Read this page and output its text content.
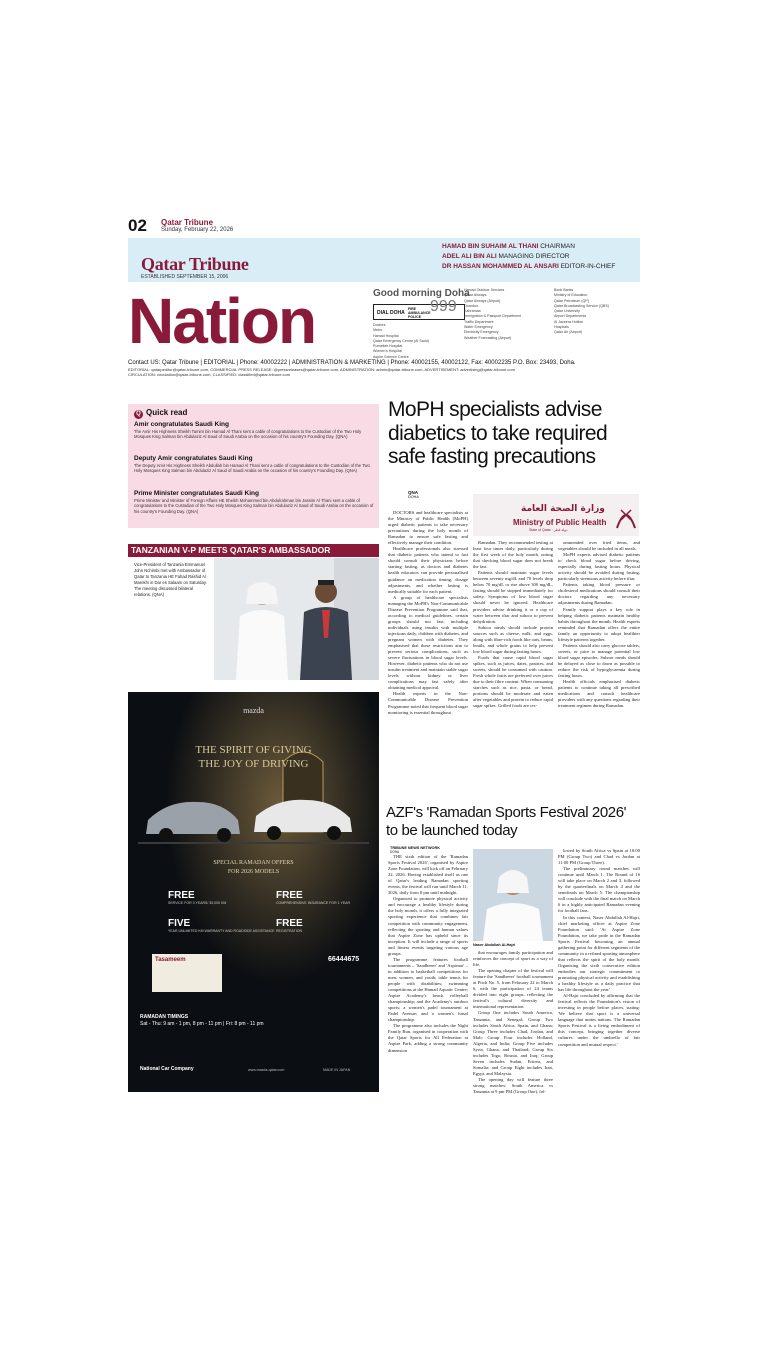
02 Qatar Tribune
Sunday, February 22, 2026
Qatar Tribune
ESTABLISHED SEPTEMBER 15, 2006
HAMAD BIN SUHAIM AL THANI CHAIRMAN
ADEL ALI BIN ALI MANAGING DIRECTOR
DR HASSAN MOHAMMED AL ANSARI EDITOR-IN-CHIEF
Nation	Good morning Doha
DIAL DOHA
FIRE AMBULANCE POLICE
999
Doctors
Metro
Hamad Hospital
Qatar Emergency Centre (Al Sadd)
Rumeilah Hospital
Women's Hospital
Aspire Science Centre
Hamad Outdoor Services
Qatar Airways
Qatar Airways (Airport)
Ooredoo
Kahramaa
Immigration & Passport Department
Traffic Department
Water Emergency
Electricity Emergency
Weather Forecasting (Airport)
Book Banks
Ministry of Education
Qatar Petroleum (QP)
Qatar Broadcasting Service (QBS)
Qatar University
Airport Departments
Al Jazeera Hotline
Hospitals
Qatar Air (Airport)
Contact US: Qatar Tribune | EDITORIAL | Phone: 40002222 | ADMINISTRATION & MARKETING | Phone: 40002155, 40002122, Fax: 40002235 P.O. Box: 23493, Doha.
EDITORIAL: qatarpeditor@qatar-tribune.com, COMMERCIAL PRESS RELEASE: @pressreleases@qatar-tribune.com, ADMINISTRATION: admin@qatar-tribune.com, ADVERTISEMENT: advertising@qatar-tribune.com
CIRCULATION: circulation@qatar-tribune.com, CLASSIFIED: classified@qatar-tribune.com
Q Quick read
Amir congratulates Saudi King
The Amir His Highness Sheikh Tamim bin Hamad Al Thani sent a cable of congratulations to the Custodian of the Two Holy Mosques King Salman bin Abdulaziz Al Saud of Saudi Arabia on the occasion of his country's Founding Day. (QNA)
Deputy Amir congratulates Saudi King
The Deputy Amir His Highness Sheikh Abdullah bin Hamad Al Thani sent a cable of congratulations to the Custodian of the Two Holy Mosques King Salman bin Abdulaziz Al Saud of Saudi Arabia on the occasion of his country's Founding Day. (QNA)
Prime Minister congratulates Saudi King
Prime Minister and Minister of Foreign Affairs HE Sheikh Mohammed bin Abdulrahman bin Jassim Al Thani sent a cable of congratulations to the Custodian of the Two Holy Mosques King Salman bin Abdulaziz Al Saud of Saudi Arabia on the occasion of his country's Founding Day. (QNA)
TANZANIAN V-P MEETS QATAR'S AMBASSADOR
Vice-President of Tanzania Emmanuel John Nchimbi met with Ambassador of Qatar to Tanzania HE Fahad Rashid Al Marekhi in Dar es Salaam on Saturday. The meeting discussed bilateral relations. (QNA)
mazda
THE SPIRIT OF GIVING
THE JOY OF DRIVING
SPECIAL RAMADAN OFFERS
FOR 2026 MODELS
FREE
SERVICE FOR 3 YEARS/ 30,000 KM
FREE
COMPREHENSIVE INSURANCE FOR 1 YEAR
FIVE
YEAR UNLIMITED KM WARRANTY AND ROADSIDE ASSISTANCE
FREE
REGISTRATION
Tasameem	66444675
RAMADAN TIMINGS
Sat - Thu: 9 am - 1 pm, 8 pm - 11 pm | Fri: 8 pm - 11 pm
National Car Company	www.mazda-qatar.com	MADE IN JAPAN
MoPH specialists advise diabetics to take required safe fasting precautions
QNA
DOHA
وزارة الصحة العامة
Ministry of Public Health
State of Qatar · دولة قطر

DOCTORS and healthcare specialists at the Ministry of Public Health (MoPH) urged diabetic patients to take necessary precautions during the holy month of Ramadan to ensure safe fasting and effectively manage their condition.

Healthcare professionals also stressed that diabetic patients who intend to fast should consult their physicians before starting fasting, as doctors and diabetes health educators can provide personalised guidance on medication timing, dosage adjustments, and whether fasting is medically suitable for each patient.

A group of healthcare specialists managing the MoPH's Non-Communicable Disease Prevention Programme said that, according to medical guidelines, certain groups should not fast, including individuals using insulin with multiple injections daily, children with diabetes, and pregnant women with diabetes. They emphasised that these restrictions aim to prevent serious complications, such as severe fluctuations in blood sugar levels. However, diabetic patients who do not use insulin treatment and maintain stable sugar levels without kidney or liver complications may fast safely after obtaining medical approval.

Health experts in the Non-Communicable Disease Prevention Programme noted that frequent blood sugar monitoring is essential throughout

Ramadan. They recommended testing at least four times daily, particularly during the first week of the holy month, noting that checking blood sugar does not break the fast.

Patients should maintain sugar levels between seventy mg/dL and 70 levels drop below 70 mg/dL or rise above 300 mg/dL, fasting should be stopped immediately for safety. Symptoms of low blood sugar should never be ignored. Healthcare providers advise drinking it or a cup of water between iftar and suhoor to prevent dehydration.

Suhoor meals should include protein sources such as cheese, milk, and eggs, along with fibre-rich foods like oats, beans, lentils, and whole grains to help prevent low blood sugar during fasting hours.

Foods that cause rapid blood sugar spikes, such as juices, dates, pastries, and sweets, should be consumed with caution. Fresh whole fruits are preferred over juices due to their fibre content. When consuming starches such as rice, pasta, or bread, portions should be moderate and eaten after vegetables and protein to reduce rapid sugar spikes. Grilled foods are rec-

ommended over fried items, and vegetables should be included in all meals.

MoPH experts advised diabetic patients to check blood sugar before driving, especially during fasting hours. Physical activity should be avoided during fasting, particularly strenuous activity before iftar.

Patients taking blood pressure or cholesterol medications should consult their doctors regarding any necessary adjustments during Ramadan.

Family support plays a key role in helping diabetic patients maintain healthy habits throughout the month. Health experts reminded that Ramadan offers the entire family an opportunity to adopt healthier lifestyle patterns together.

Patients should also carry glucose tablets, sweets, or juice to manage potential low blood sugar episodes. Suhoor meals should be delayed as close to dawn as possible to reduce the risk of hypoglycaemia during fasting hours.

Health officials emphasised diabetic patients to continue taking all prescribed medications and consult healthcare providers with any questions regarding their treatment regimen during Ramadan.

AZF's 'Ramadan Sports Festival 2026' to be launched today
TRIBUNE NEWS NETWORK
DOHA
Naser Abdullah Al-Hajri

THE sixth edition of the 'Ramadan Sports Festival 2026', organised by Aspire Zone Foundation, will kick off on February 22, 2026. Having established itself as one of Qatar's leading Ramadan sporting events, the festival will run until March 11, 2026, daily from 8 pm until midnight.

Organised to promote physical activity and encourage a healthy lifestyle during the holy month, it offers a fully integrated sporting experience that combines fair competition with community engagement, reflecting the sporting and human values that Aspire Zone has upheld since its inception. It will include a range of sports and fitness events targeting various age groups.

The programme features football tournaments – 'Sandheeer' and 'Aspirnar' – in addition to basketball competitions for men, women, and youth; table tennis for people with disabilities; swimming competitions at the Hamad Aquatic Centre; Aspire Academy's beach volleyball championship; and the Academy's outdoor sports; a women's padel tournament at Padel Avenue; and a women's futsal championship.

The programme also includes the Night Family Run, organised in cooperation with the Qatar Sports for All Federation at Aspire Park, adding a strong community dimension

that encourages family participation and reinforces the concept of sport as a way of life.

The opening chapter of the festival will feature the 'Sandheeer' football tournament at Pitch No. 5, from February 22 to March 6, with the participation of 24 teams divided into eight groups, reflecting the festival's cultural diversity and international representation.

Group One includes South America, Tanzania, and Senegal; Group Two includes South Africa, Spain, and Ghana; Group Three includes Chad, Jordan, and Mali; Group Four includes Holland, Algeria, and India; Group Five includes Syria, Ghana, and Thailand; Group Six includes Togo, Bosnia, and Iraq; Group Seven includes Sudan, Eritrea, and Somalia; and Group Eight includes Iran, Egypt, and Malaysia.

The opening day will feature three strong matches: South America vs Tanzania at 9 pm PM (Group One), fol-

lowed by South Africa vs Spain at 10:00 PM (Group Two) and Chad vs Jordan at 11:00 PM (Group Three).

The preliminary round matches will continue until March 1. The Round of 16 will take place on March 2 and 3, followed by the quarterfinals on March 4 and the semifinals on March 5. The championship will conclude with the final match on March 6 in a highly anticipated Ramadan evening for football fans.

In this context, Naser Abdullah Al-Hajri, chief marketing officer at Aspire Zone Foundation said: 'At Aspire Zone Foundation, we take pride in the Ramadan Sports Festival becoming an annual gathering point for different segments of the community in a refined sporting atmosphere that reflects the spirit of the holy month. Organising the sixth consecutive edition embodies our strategic commitment to promoting physical activity and establishing a healthy lifestyle as a daily practice that has life throughout the year.'

Al-Hajri concluded by affirming that the festival reflects the Foundation's vision of investing in people before places, stating: 'We believe that sport is a universal language that unites nations. The Ramadan Sports Festival is a living embodiment of this concept, bringing together diverse cultures under the umbrella of fair competition and mutual respect.'
